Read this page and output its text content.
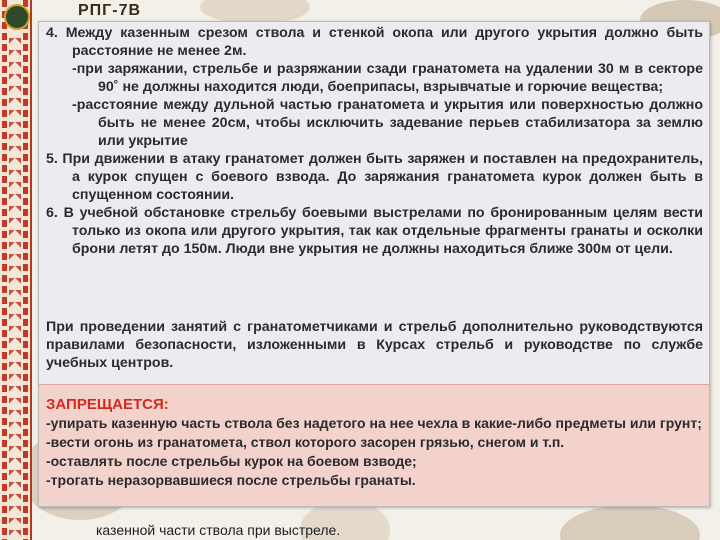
РПГ-7В

4. Между казенным срезом ствола и стенкой окопа или другого укрытия должно быть расстояние не менее 2м.

-при заряжании, стрельбе и разряжании сзади гранатомета на удалении 30 м в секторе 90˚ не должны находится люди, боеприпасы, взрывчатые и горючие вещества;

-расстояние между дульной частью гранатомета и укрытия или поверхностью должно быть не менее 20см, чтобы исключить задевание перьев стабилизатора за землю или укрытие

5. При движении в атаку гранатомет должен быть заряжен и поставлен на предохранитель, а курок спущен с боевого взвода. До заряжания гранатомета курок должен быть в спущенном состоянии.

6. В учебной обстановке стрельбу боевыми выстрелами по бронированным целям вести только из окопа или другого укрытия, так как отдельные фрагменты гранаты и осколки брони летят до 150м. Люди вне укрытия не должны находиться ближе 300м от цели.

При проведении занятий с гранатометчиками и стрельб дополнительно руководствуются правилами безопасности, изложенными в Курсах стрельб и руководстве по службе учебных центров.

ЗАПРЕЩАЕТСЯ:

-упирать казенную часть ствола без надетого на нее чехла в какие-либо предметы или грунт;

-вести огонь из гранатомета, ствол которого засорен грязью, снегом и т.п.

-оставлять после стрельбы курок на боевом взводе;

-трогать неразорвавшиеся после стрельбы гранаты.

казенной части ствола при выстреле.
